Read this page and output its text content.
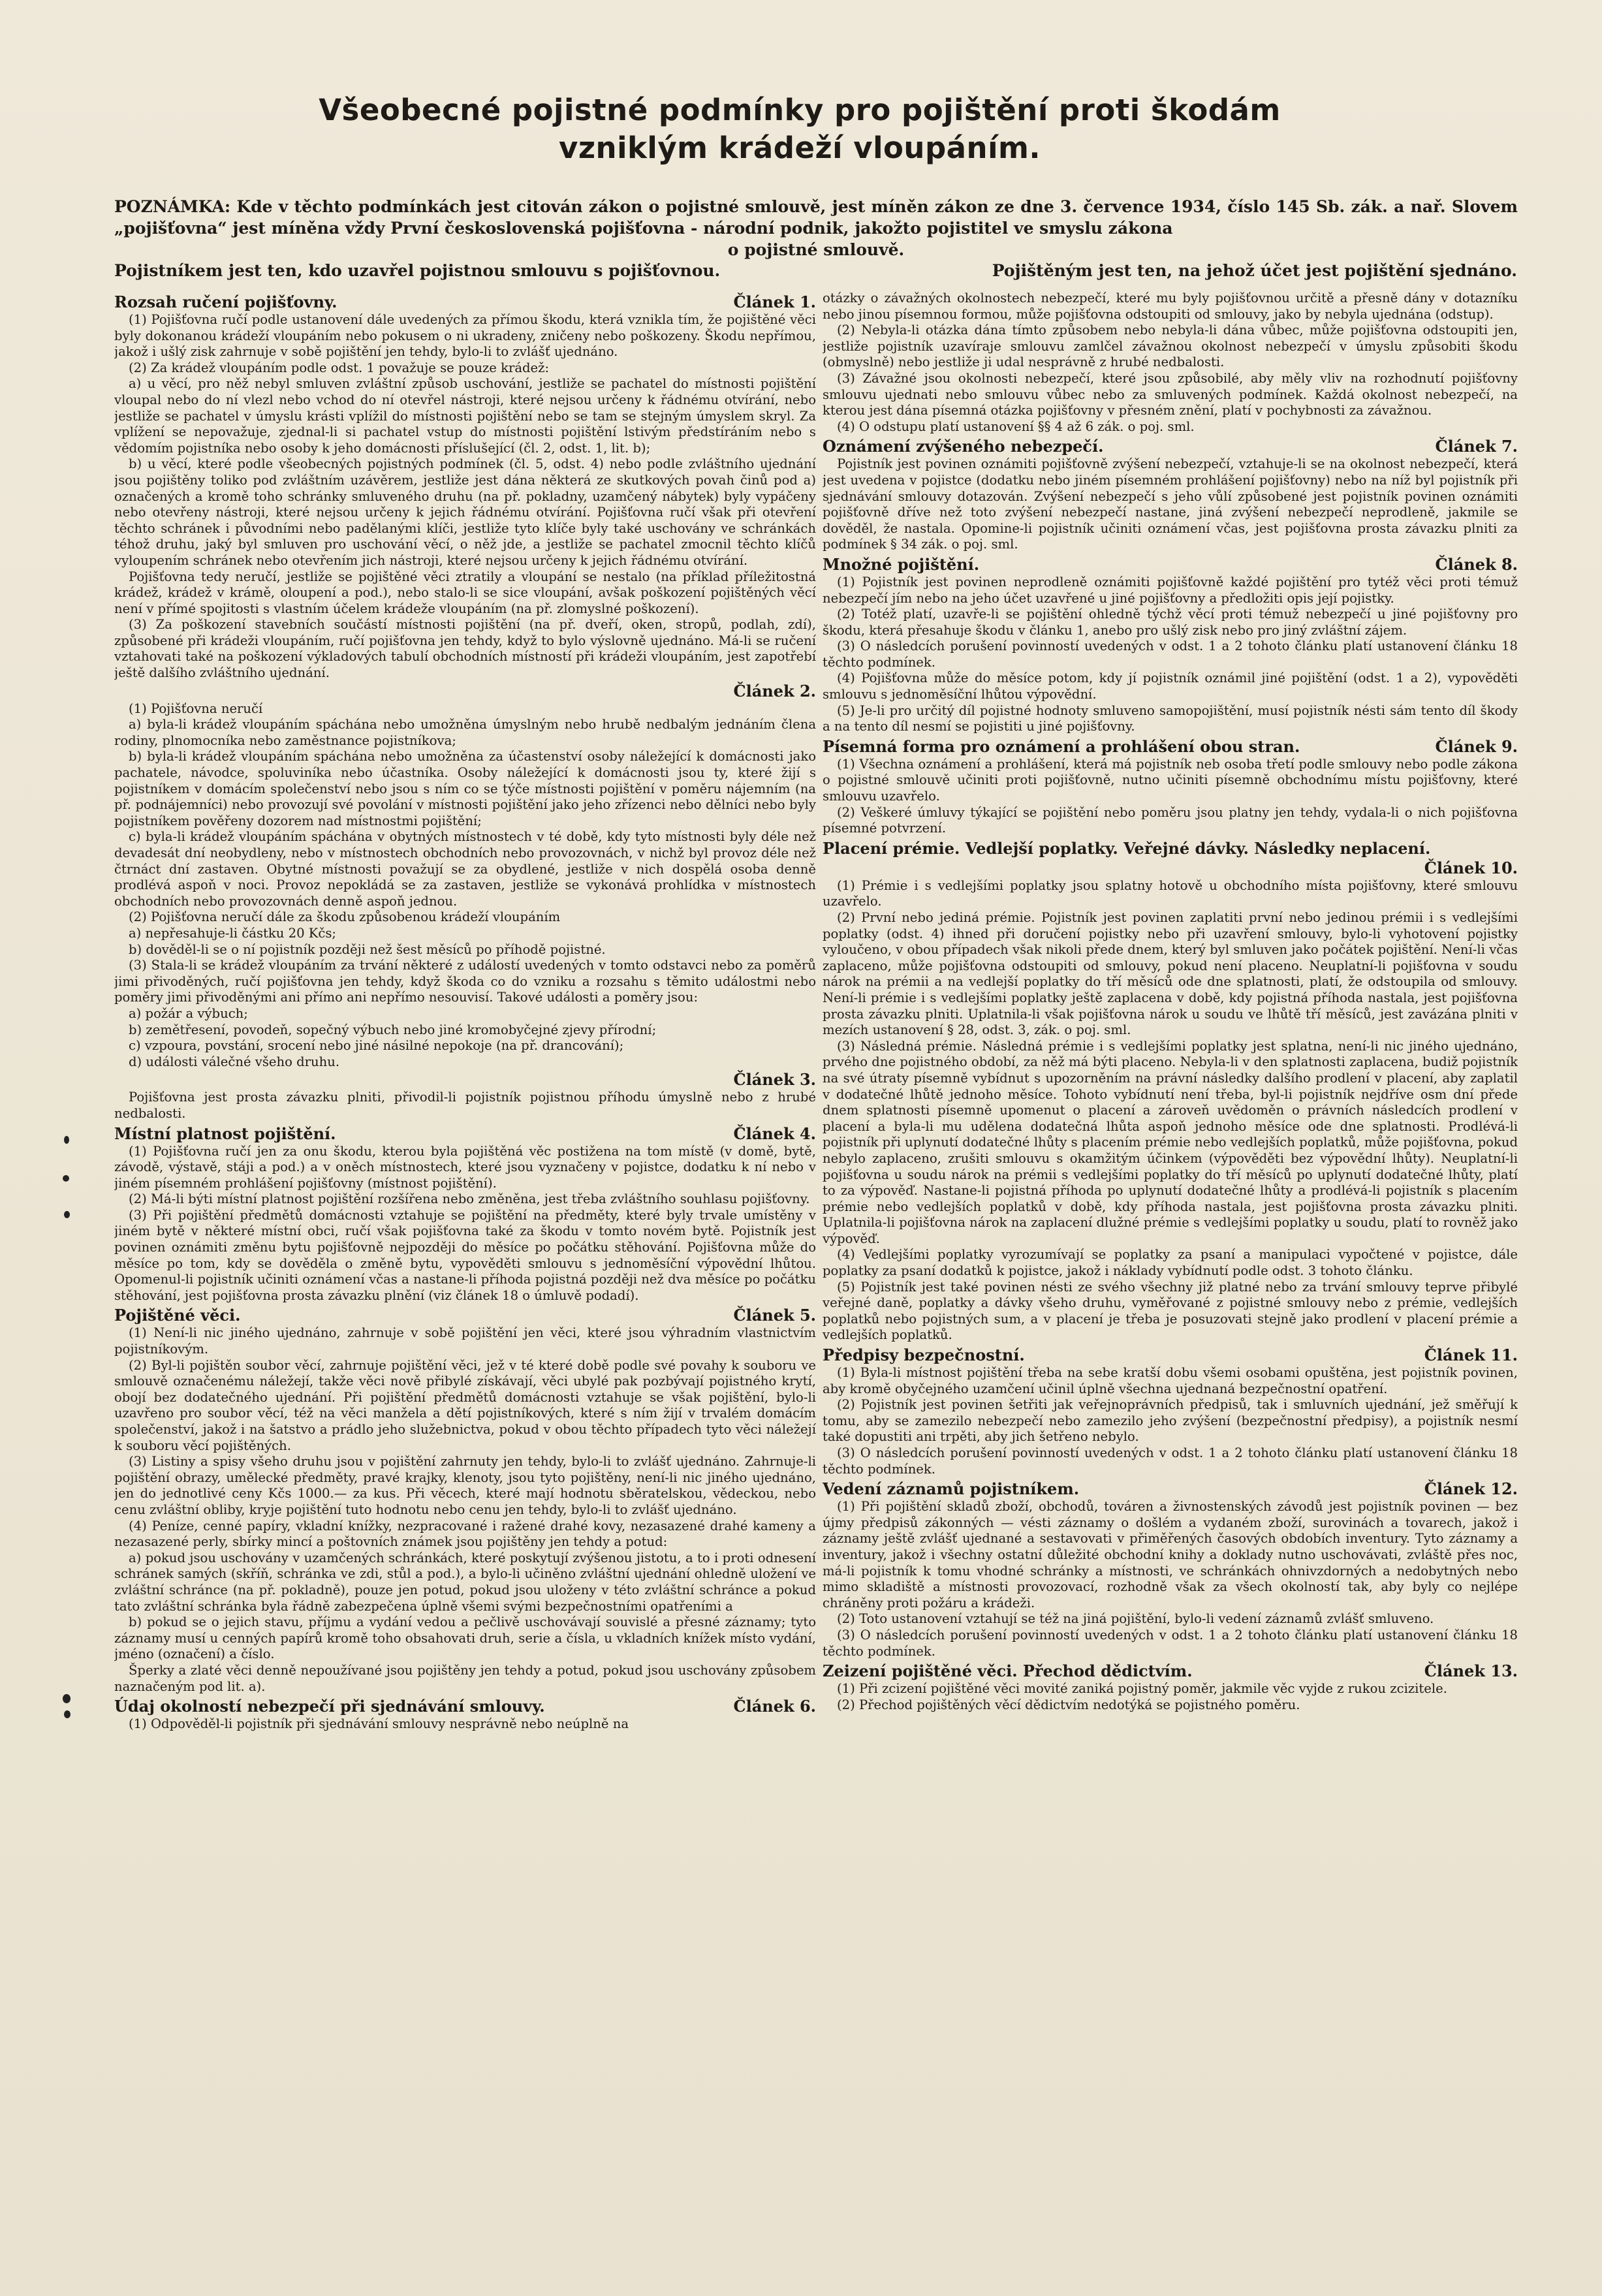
Všeobecné pojistné podmínky pro pojištění proti škodám
vzniklým krádeží vloupáním.
POZNÁMKA: Kde v těchto podmínkách jest citován zákon o pojistné smlouvě, jest míněn zákon ze dne 3. července 1934, číslo 145 Sb. zák. a nař. Slovem „pojišťovna“ jest míněna vždy První československá pojišťovna - národní podnik, jakožto pojistitel ve smyslu zákona
o pojistné smlouvě.
Pojistníkem jest ten, kdo uzavřel pojistnou smlouvu s pojišťovnou.	Pojištěným jest ten, na jehož účet jest pojištění sjednáno.
Rozsah ručení pojišťovny.	Článek 1.

(1) Pojišťovna ručí podle ustanovení dále uvedených za přímou škodu, která vznikla tím, že pojištěné věci byly dokonanou krádeží vloupáním nebo pokusem o ni ukradeny, zničeny nebo poškozeny. Škodu nepřímou, jakož i ušlý zisk zahrnuje v sobě pojištění jen tehdy, bylo-li to zvlášť ujednáno.

(2) Za krádež vloupáním podle odst. 1 považuje se pouze krádež:

a) u věcí, pro něž nebyl smluven zvláštní způsob uschování, jestliže se pachatel do místnosti pojištění vloupal nebo do ní vlezl nebo vchod do ní otevřel nástroji, které nejsou určeny k řádnému otvírání, nebo jestliže se pachatel v úmyslu krásti vplížil do místnosti pojištění nebo se tam se stejným úmyslem skryl. Za vplížení se nepovažuje, zjednal-li si pachatel vstup do místnosti pojištění lstivým předstíráním nebo s vědomím pojistníka nebo osoby k jeho domácnosti příslušející (čl. 2, odst. 1, lit. b);

b) u věcí, které podle všeobecných pojistných podmínek (čl. 5, odst. 4) nebo podle zvláštního ujednání jsou pojištěny toliko pod zvláštním uzávěrem, jestliže jest dána některá ze skutkových povah činů pod a) označených a kromě toho schránky smluveného druhu (na př. pokladny, uzamčený nábytek) byly vypáčeny nebo otevřeny nástroji, které nejsou určeny k jejich řádnému otvírání. Pojišťovna ručí však při otevření těchto schránek i původními nebo padělanými klíči, jestliže tyto klíče byly také uschovány ve schránkách téhož druhu, jaký byl smluven pro uschování věcí, o něž jde, a jestliže se pachatel zmocnil těchto klíčů vyloupením schránek nebo otevřením jich nástroji, které nejsou určeny k jejich řádnému otvírání.

Pojišťovna tedy neručí, jestliže se pojištěné věci ztratily a vloupání se nestalo (na příklad příležitostná krádež, krádež v krámě, oloupení a pod.), nebo stalo-li se sice vloupání, avšak poškození pojištěných věcí není v přímé spojitosti s vlastním účelem krádeže vloupáním (na př. zlomyslné poškození).

(3) Za poškození stavebních součástí místnosti pojištění (na př. dveří, oken, stropů, podlah, zdí), způsobené při krádeži vloupáním, ručí pojišťovna jen tehdy, když to bylo výslovně ujednáno. Má-li se ručení vztahovati také na poškození výkladových tabulí obchodních místností při krádeži vloupáním, jest zapotřebí ještě dalšího zvláštního ujednání.

Článek 2.

(1) Pojišťovna neručí

a) byla-li krádež vloupáním spáchána nebo umožněna úmyslným nebo hrubě nedbalým jednáním člena rodiny, plnomocníka nebo zaměstnance pojistníkova;

b) byla-li krádež vloupáním spáchána nebo umožněna za účastenství osoby náležející k domácnosti jako pachatele, návodce, spoluviníka nebo účastníka. Osoby náležející k domácnosti jsou ty, které žijí s pojistníkem v domácím společenství nebo jsou s ním co se týče místnosti pojištění v poměru nájemním (na př. podnájemníci) nebo provozují své povolání v místnosti pojištění jako jeho zřízenci nebo dělníci nebo byly pojistníkem pověřeny dozorem nad místnostmi pojištění;

c) byla-li krádež vloupáním spáchána v obytných místnostech v té době, kdy tyto místnosti byly déle než devadesát dní neobydleny, nebo v místnostech obchodních nebo provozovnách, v nichž byl provoz déle než čtrnáct dní zastaven. Obytné místnosti považují se za obydlené, jestliže v nich dospělá osoba denně prodlévá aspoň v noci. Provoz nepokládá se za zastaven, jestliže se vykonává prohlídka v místnostech obchodních nebo provozovnách denně aspoň jednou.

(2) Pojišťovna neručí dále za škodu způsobenou krádeží vloupáním

a) nepřesahuje-li částku 20 Kčs;

b) dověděl-li se o ní pojistník později než šest měsíců po příhodě pojistné.

(3) Stala-li se krádež vloupáním za trvání některé z událostí uvedených v tomto odstavci nebo za poměrů jimi přivoděných, ručí pojišťovna jen tehdy, když škoda co do vzniku a rozsahu s těmito událostmi nebo poměry jimi přivoděnými ani přímo ani nepřímo nesouvisí. Takové události a poměry jsou:

a) požár a výbuch;

b) zemětřesení, povodeň, sopečný výbuch nebo jiné kromobyčejné zjevy přírodní;

c) vzpoura, povstání, srocení nebo jiné násilné nepokoje (na př. drancování);

d) události válečné všeho druhu.

Článek 3.

Pojišťovna jest prosta závazku plniti, přivodil-li pojistník pojistnou příhodu úmyslně nebo z hrubé nedbalosti.

Místní platnost pojištění.	Článek 4.

(1) Pojišťovna ručí jen za onu škodu, kterou byla pojištěná věc postižena na tom místě (v domě, bytě, závodě, výstavě, stáji a pod.) a v oněch místnostech, které jsou vyznačeny v pojistce, dodatku k ní nebo v jiném písemném prohlášení pojišťovny (místnost pojištění).

(2) Má-li býti místní platnost pojištění rozšířena nebo změněna, jest třeba zvláštního souhlasu pojišťovny.

(3) Při pojištění předmětů domácnosti vztahuje se pojištění na předměty, které byly trvale umístěny v jiném bytě v některé místní obci, ručí však pojišťovna také za škodu v tomto novém bytě. Pojistník jest povinen oznámiti změnu bytu pojišťovně nejpozději do měsíce po počátku stěhování. Pojišťovna může do měsíce po tom, kdy se dověděla o změně bytu, vypověděti smlouvu s jednoměsíční výpovědní lhůtou. Opomenul-li pojistník učiniti oznámení včas a nastane-li příhoda pojistná později než dva měsíce po počátku stěhování, jest pojišťovna prosta závazku plnění (viz článek 18 o úmluvě podadí).

Pojištěné věci.	Článek 5.

(1) Není-li nic jiného ujednáno, zahrnuje v sobě pojištění jen věci, které jsou výhradním vlastnictvím pojistníkovým.

(2) Byl-li pojištěn soubor věcí, zahrnuje pojištění věci, jež v té které době podle své povahy k souboru ve smlouvě označenému náležejí, takže věci nově přibylé získávají, věci ubylé pak pozbývají pojistného krytí, obojí bez dodatečného ujednání. Při pojištění předmětů domácnosti vztahuje se však pojištění, bylo-li uzavřeno pro soubor věcí, též na věci manžela a dětí pojistníkových, které s ním žijí v trvalém domácím společenství, jakož i na šatstvo a prádlo jeho služebnictva, pokud v obou těchto případech tyto věci náležejí k souboru věcí pojištěných.

(3) Listiny a spisy všeho druhu jsou v pojištění zahrnuty jen tehdy, bylo-li to zvlášť ujednáno. Zahrnuje-li pojištění obrazy, umělecké předměty, pravé krajky, klenoty, jsou tyto pojištěny, není-li nic jiného ujednáno, jen do jednotlivé ceny Kčs 1000.— za kus. Při věcech, které mají hodnotu sběratelskou, vědeckou, nebo cenu zvláštní obliby, kryje pojištění tuto hodnotu nebo cenu jen tehdy, bylo-li to zvlášť ujednáno.

(4) Peníze, cenné papíry, vkladní knížky, nezpracované i ražené drahé kovy, nezasazené drahé kameny a nezasazené perly, sbírky mincí a poštovních známek jsou pojištěny jen tehdy a potud:

a) pokud jsou uschovány v uzamčených schránkách, které poskytují zvýšenou jistotu, a to i proti odnesení schránek samých (skříň, schránka ve zdi, stůl a pod.), a bylo-li učiněno zvláštní ujednání ohledně uložení ve zvláštní schránce (na př. pokladně), pouze jen potud, pokud jsou uloženy v této zvláštní schránce a pokud tato zvláštní schránka byla řádně zabezpečena úplně všemi svými bezpečnostními opatřeními a

b) pokud se o jejich stavu, příjmu a vydání vedou a pečlivě uschovávají souvislé a přesné záznamy; tyto záznamy musí u cenných papírů kromě toho obsahovati druh, serie a čísla, u vkladních knížek místo vydání, jméno (označení) a číslo.

Šperky a zlaté věci denně nepoužívané jsou pojištěny jen tehdy a potud, pokud jsou uschovány způsobem naznačeným pod lit. a).

Údaj okolností nebezpečí při sjednávání smlouvy.	Článek 6.

(1) Odpověděl-li pojistník při sjednávání smlouvy nesprávně nebo neúplně na

otázky o závažných okolnostech nebezpečí, které mu byly pojišťovnou určitě a přesně dány v dotazníku nebo jinou písemnou formou, může pojišťovna odstoupiti od smlouvy, jako by nebyla ujednána (odstup).

(2) Nebyla-li otázka dána tímto způsobem nebo nebyla-li dána vůbec, může pojišťovna odstoupiti jen, jestliže pojistník uzavíraje smlouvu zamlčel závažnou okolnost nebezpečí v úmyslu způsobiti škodu (obmyslně) nebo jestliže ji udal nesprávně z hrubé nedbalosti.

(3) Závažné jsou okolnosti nebezpečí, které jsou způsobilé, aby měly vliv na rozhodnutí pojišťovny smlouvu ujednati nebo smlouvu vůbec nebo za smluvených podmínek. Každá okolnost nebezpečí, na kterou jest dána písemná otázka pojišťovny v přesném znění, platí v pochybnosti za závažnou.

(4) O odstupu platí ustanovení §§ 4 až 6 zák. o poj. sml.

Oznámení zvýšeného nebezpečí.	Článek 7.

Pojistník jest povinen oznámiti pojišťovně zvýšení nebezpečí, vztahuje-li se na okolnost nebezpečí, která jest uvedena v pojistce (dodatku nebo jiném písemném prohlášení pojišťovny) nebo na níž byl pojistník při sjednávání smlouvy dotazován. Zvýšení nebezpečí s jeho vůlí způsobené jest pojistník povinen oznámiti pojišťovně dříve než toto zvýšení nebezpečí nastane, jiná zvýšení nebezpečí neprodleně, jakmile se dověděl, že nastala. Opomine-li pojistník učiniti oznámení včas, jest pojišťovna prosta závazku plniti za podmínek § 34 zák. o poj. sml.

Množné pojištění.	Článek 8.

(1) Pojistník jest povinen neprodleně oznámiti pojišťovně každé pojištění pro tytéž věci proti témuž nebezpečí jím nebo na jeho účet uzavřené u jiné pojišťovny a předložiti opis její pojistky.

(2) Totéž platí, uzavře-li se pojištění ohledně týchž věcí proti témuž nebezpečí u jiné pojišťovny pro škodu, která přesahuje škodu v článku 1, anebo pro ušlý zisk nebo pro jiný zvláštní zájem.

(3) O následcích porušení povinností uvedených v odst. 1 a 2 tohoto článku platí ustanovení článku 18 těchto podmínek.

(4) Pojišťovna může do měsíce potom, kdy jí pojistník oznámil jiné pojištění (odst. 1 a 2), vypověděti smlouvu s jednoměsíční lhůtou výpovědní.

(5) Je-li pro určitý díl pojistné hodnoty smluveno samopojištění, musí pojistník nésti sám tento díl škody a na tento díl nesmí se pojistiti u jiné pojišťovny.

Písemná forma pro oznámení a prohlášení obou stran.	Článek 9.

(1) Všechna oznámení a prohlášení, která má pojistník neb osoba třetí podle smlouvy nebo podle zákona o pojistné smlouvě učiniti proti pojišťovně, nutno učiniti písemně obchodnímu místu pojišťovny, které smlouvu uzavřelo.

(2) Veškeré úmluvy týkající se pojištění nebo poměru jsou platny jen tehdy, vydala-li o nich pojišťovna písemné potvrzení.

Placení prémie. Vedlejší poplatky. Veřejné dávky. Následky neplacení.
Článek 10.

(1) Prémie i s vedlejšími poplatky jsou splatny hotově u obchodního místa pojišťovny, které smlouvu uzavřelo.

(2) První nebo jediná prémie. Pojistník jest povinen zaplatiti první nebo jedinou prémii i s vedlejšími poplatky (odst. 4) ihned při doručení pojistky nebo při uzavření smlouvy, bylo-li vyhotovení pojistky vyloučeno, v obou případech však nikoli přede dnem, který byl smluven jako počátek pojištění. Není-li včas zaplaceno, může pojišťovna odstoupiti od smlouvy, pokud není placeno. Neuplatní-li pojišťovna v soudu nárok na prémii a na vedlejší poplatky do tří měsíců ode dne splatnosti, platí, že odstoupila od smlouvy. Není-li prémie i s vedlejšími poplatky ještě zaplacena v době, kdy pojistná příhoda nastala, jest pojišťovna prosta závazku plniti. Uplatnila-li však pojišťovna nárok u soudu ve lhůtě tří měsíců, jest zavázána plniti v mezích ustanovení § 28, odst. 3, zák. o poj. sml.

(3) Následná prémie. Následná prémie i s vedlejšími poplatky jest splatna, není-li nic jiného ujednáno, prvého dne pojistného období, za něž má býti placeno. Nebyla-li v den splatnosti zaplacena, budiž pojistník na své útraty písemně vybídnut s upozorněním na právní následky dalšího prodlení v placení, aby zaplatil v dodatečné lhůtě jednoho měsíce. Tohoto vybídnutí není třeba, byl-li pojistník nejdříve osm dní přede dnem splatnosti písemně upomenut o placení a zároveň uvědoměn o právních následcích prodlení v placení a byla-li mu udělena dodatečná lhůta aspoň jednoho měsíce ode dne splatnosti. Prodlévá-li pojistník při uplynutí dodatečné lhůty s placením prémie nebo vedlejších poplatků, může pojišťovna, pokud nebylo zaplaceno, zrušiti smlouvu s okamžitým účinkem (výpověděti bez výpovědní lhůty). Neuplatní-li pojišťovna u soudu nárok na prémii s vedlejšími poplatky do tří měsíců po uplynutí dodatečné lhůty, platí to za výpověď. Nastane-li pojistná příhoda po uplynutí dodatečné lhůty a prodlévá-li pojistník s placením prémie nebo vedlejších poplatků v době, kdy příhoda nastala, jest pojišťovna prosta závazku plniti. Uplatnila-li pojišťovna nárok na zaplacení dlužné prémie s vedlejšími poplatky u soudu, platí to rovněž jako výpověď.

(4) Vedlejšími poplatky vyrozumívají se poplatky za psaní a manipulaci vypočtené v pojistce, dále poplatky za psaní dodatků k pojistce, jakož i náklady vybídnutí podle odst. 3 tohoto článku.

(5) Pojistník jest také povinen nésti ze svého všechny již platné nebo za trvání smlouvy teprve přibylé veřejné daně, poplatky a dávky všeho druhu, vyměřované z pojistné smlouvy nebo z prémie, vedlejších poplatků nebo pojistných sum, a v placení je třeba je posuzovati stejně jako prodlení v placení prémie a vedlejších poplatků.

Předpisy bezpečnostní.	Článek 11.

(1) Byla-li místnost pojištění třeba na sebe kratší dobu všemi osobami opuštěna, jest pojistník povinen, aby kromě obyčejného uzamčení učinil úplně všechna ujednaná bezpečnostní opatření.

(2) Pojistník jest povinen šetřiti jak veřejnoprávních předpisů, tak i smluvních ujednání, jež směřují k tomu, aby se zamezilo nebezpečí nebo zamezilo jeho zvýšení (bezpečnostní předpisy), a pojistník nesmí také dopustiti ani trpěti, aby jich šetřeno nebylo.

(3) O následcích porušení povinností uvedených v odst. 1 a 2 tohoto článku platí ustanovení článku 18 těchto podmínek.

Vedení záznamů pojistníkem.	Článek 12.

(1) Při pojištění skladů zboží, obchodů, továren a živnostenských závodů jest pojistník povinen — bez újmy předpisů zákonných — vésti záznamy o došlém a vydaném zboží, surovinách a tovarech, jakož i záznamy ještě zvlášť ujednané a sestavovati v přiměřených časových obdobích inventury. Tyto záznamy a inventury, jakož i všechny ostatní důležité obchodní knihy a doklady nutno uschovávati, zvláště přes noc, má-li pojistník k tomu vhodné schránky a místnosti, ve schránkách ohnivzdorných a nedobytných nebo mimo skladiště a místnosti provozovací, rozhodně však za všech okolností tak, aby byly co nejlépe chráněny proti požáru a krádeži.

(2) Toto ustanovení vztahují se též na jiná pojištění, bylo-li vedení záznamů zvlášť smluveno.

(3) O následcích porušení povinností uvedených v odst. 1 a 2 tohoto článku platí ustanovení článku 18 těchto podmínek.

Zeizení pojištěné věci. Přechod dědictvím.	Článek 13.

(1) Při zcizení pojištěné věci movité zaniká pojistný poměr, jakmile věc vyjde z rukou zcizitele.

(2) Přechod pojištěných věcí dědictvím nedotýká se pojistného poměru.
